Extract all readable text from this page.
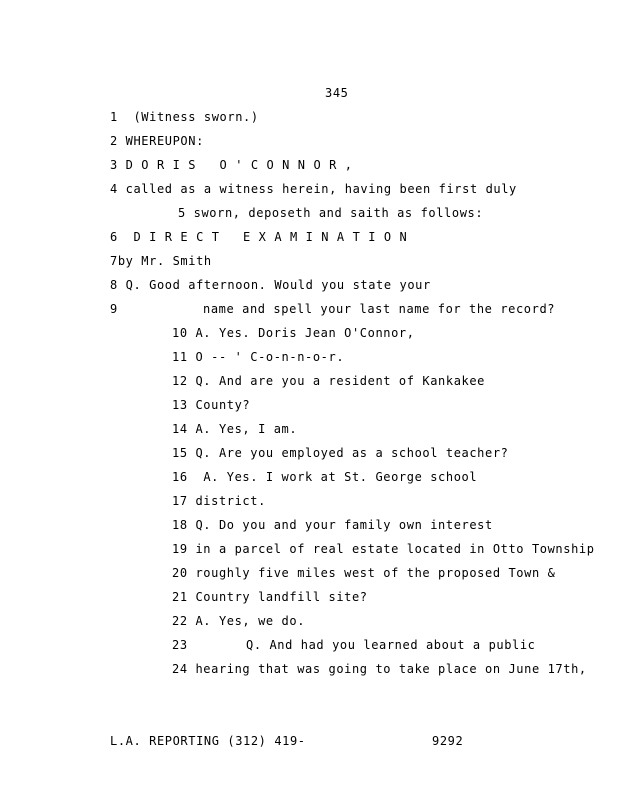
345
1 (Witness sworn.)
2 WHEREUPON:
3 D O R I S   O ' C O N N O R ,
4 called as a witness herein, having been first duly
5 sworn, deposeth and saith as follows:
6 D I R E C T   E X A M I N A T I O N
7by Mr. Smith
8 Q. Good afternoon. Would you state your
9	name and spell your last name for the record?
10 A. Yes. Doris Jean O'Connor,
11 O -- ' C-o-n-n-o-r.
12 Q. And are you a resident of Kankakee
13 County?
14 A. Yes, I am.
15 Q. Are you employed as a school teacher?
16 A. Yes. I work at St. George school
17 district.
18 Q. Do you and your family own interest
19 in a parcel of real estate located in Otto Township
20 roughly five miles west of the proposed Town &
21 Country landfill site?
22 A. Yes, we do.
23	Q. And had you learned about a public
24 hearing that was going to take place on June 17th,
L.A. REPORTING (312) 419-	9292
